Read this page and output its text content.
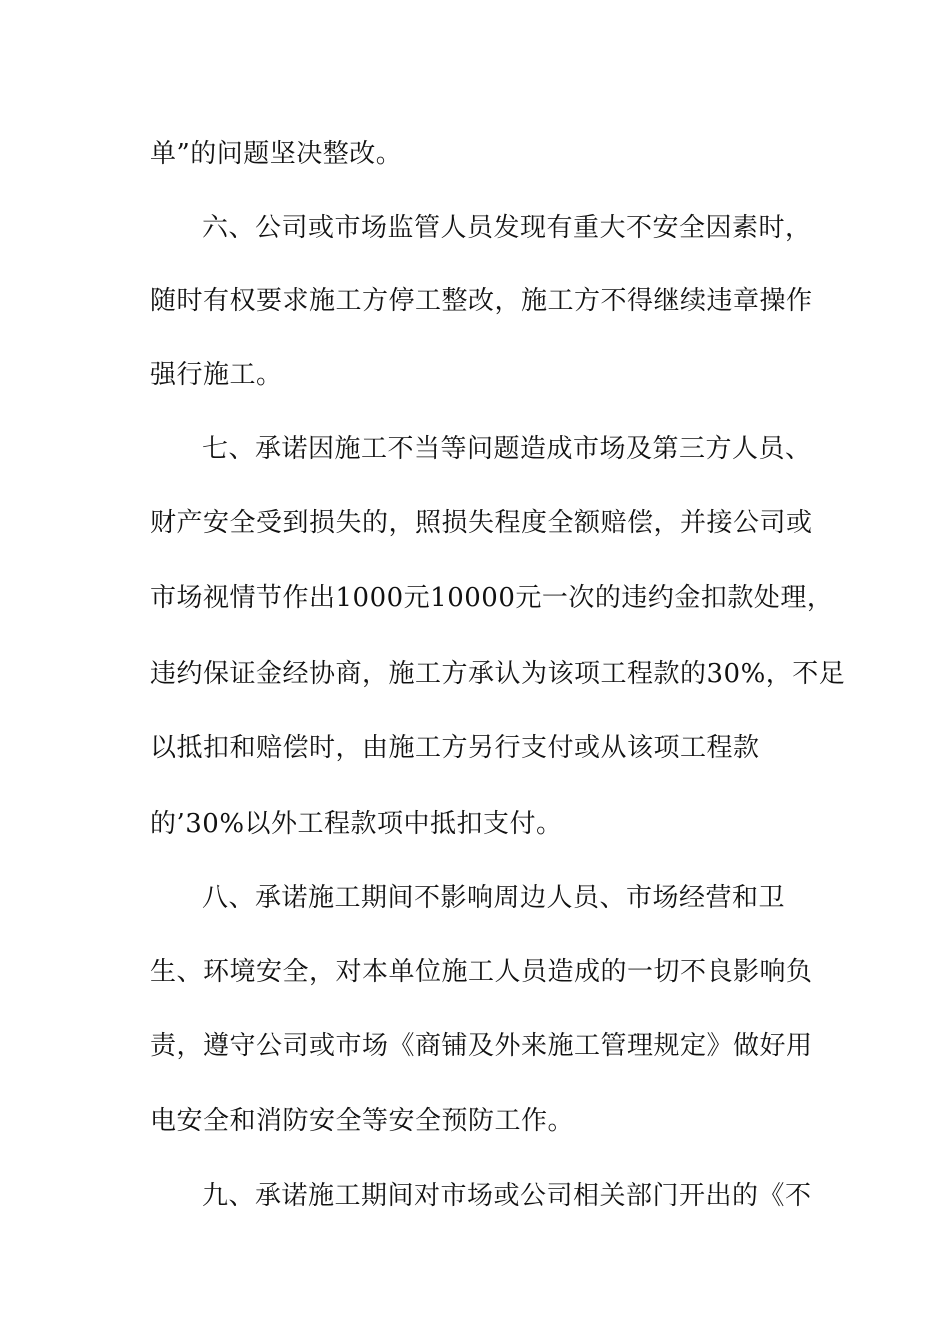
单”的问题坚决整改。
六、公司或市场监管人员发现有重大不安全因素时，
随时有权要求施工方停工整改，施工方不得继续违章操作
强行施工。
七、承诺因施工不当等问题造成市场及第三方人员、
财产安全受到损失的，照损失程度全额赔偿，并接公司或
市场视情节作出1000元10000元一次的违约金扣款处理，
违约保证金经协商，施工方承认为该项工程款的30%，不足
以抵扣和赔偿时，由施工方另行支付或从该项工程款
的’30%以外工程款项中抵扣支付。
八、承诺施工期间不影响周边人员、市场经营和卫
生、环境安全，对本单位施工人员造成的一切不良影响负
责，遵守公司或市场《商铺及外来施工管理规定》做好用
电安全和消防安全等安全预防工作。
九、承诺施工期间对市场或公司相关部门开出的《不
